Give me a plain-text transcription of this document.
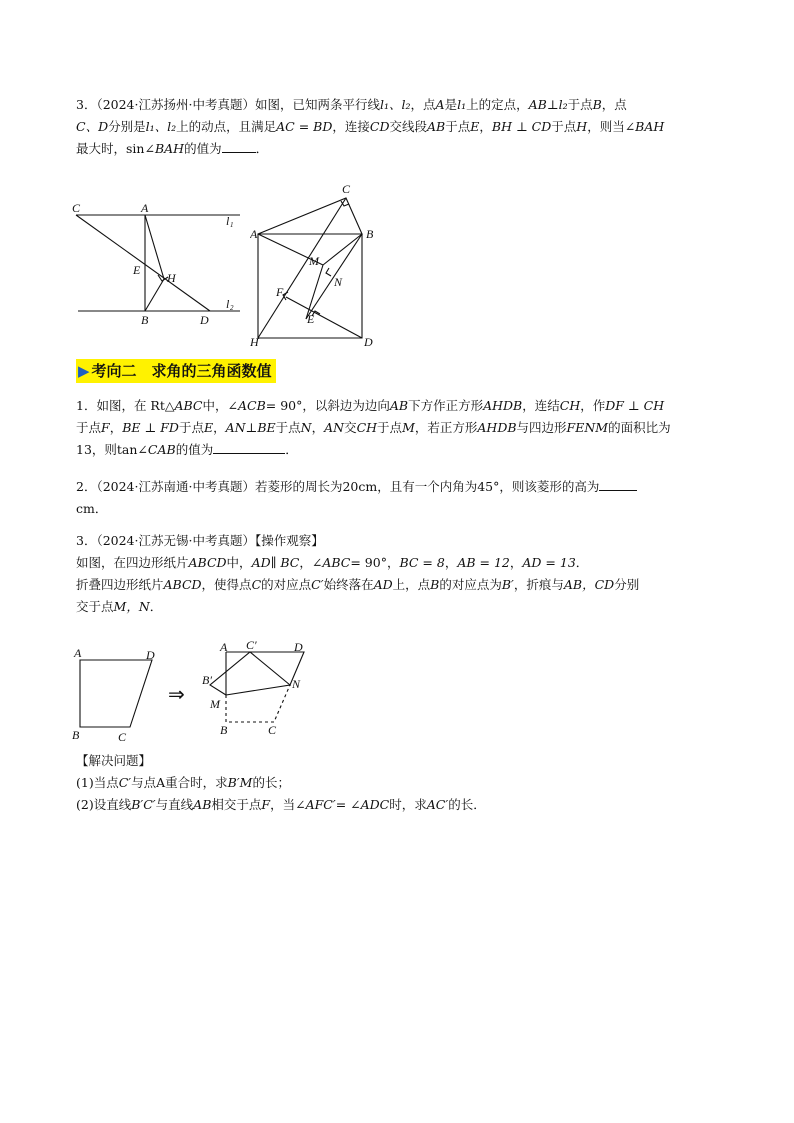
3．（2024·江苏扬州·中考真题）如图，已知两条平行线l₁、l₂，点A是l₁上的定点，AB⊥l₂于点B，点
C、D分别是l₁、l₂上的动点，且满足AC = BD，连接CD交线段AB于点E，BH ⊥ CD于点H，则当∠BAH
最大时，sin∠BAH的值为	．
C	A
l 1
E
H
B	D
l 2
C
A	B
M
N
F
E
H	D
▶ 考向二　求角的三角函数值
1．如图，在 Rt△ABC中，∠ACB= 90°，以斜边为边向AB下方作正方形AHDB，连结CH，作DF ⊥ CH
于点F，BE ⊥ FD于点E，AN⊥BE于点N，AN交CH于点M，若正方形AHDB与四边形FENM的面积比为
13，则tan∠CAB的值为	．
2．（2024·江苏南通·中考真题）若菱形的周长为20cm，且有一个内角为45°，则该菱形的高为
cm．
3．（2024·江苏无锡·中考真题）【操作观察】
如图，在四边形纸片ABCD中，AD∥ BC，∠ABC= 90°，BC = 8，AB = 12，AD = 13．
折叠四边形纸片ABCD，使得点C的对应点C′始终落在AD上，点B的对应点为B′，折痕与AB，CD分别
交于点M，N．
A	D
B	C
⇒
A C′	D
B′	N
M
B	C
【解决问题】
(1)当点C′与点A重合时，求B′M的长；
(2)设直线B′C′与直线AB相交于点F，当∠AFC′= ∠ADC时，求AC′的长．
